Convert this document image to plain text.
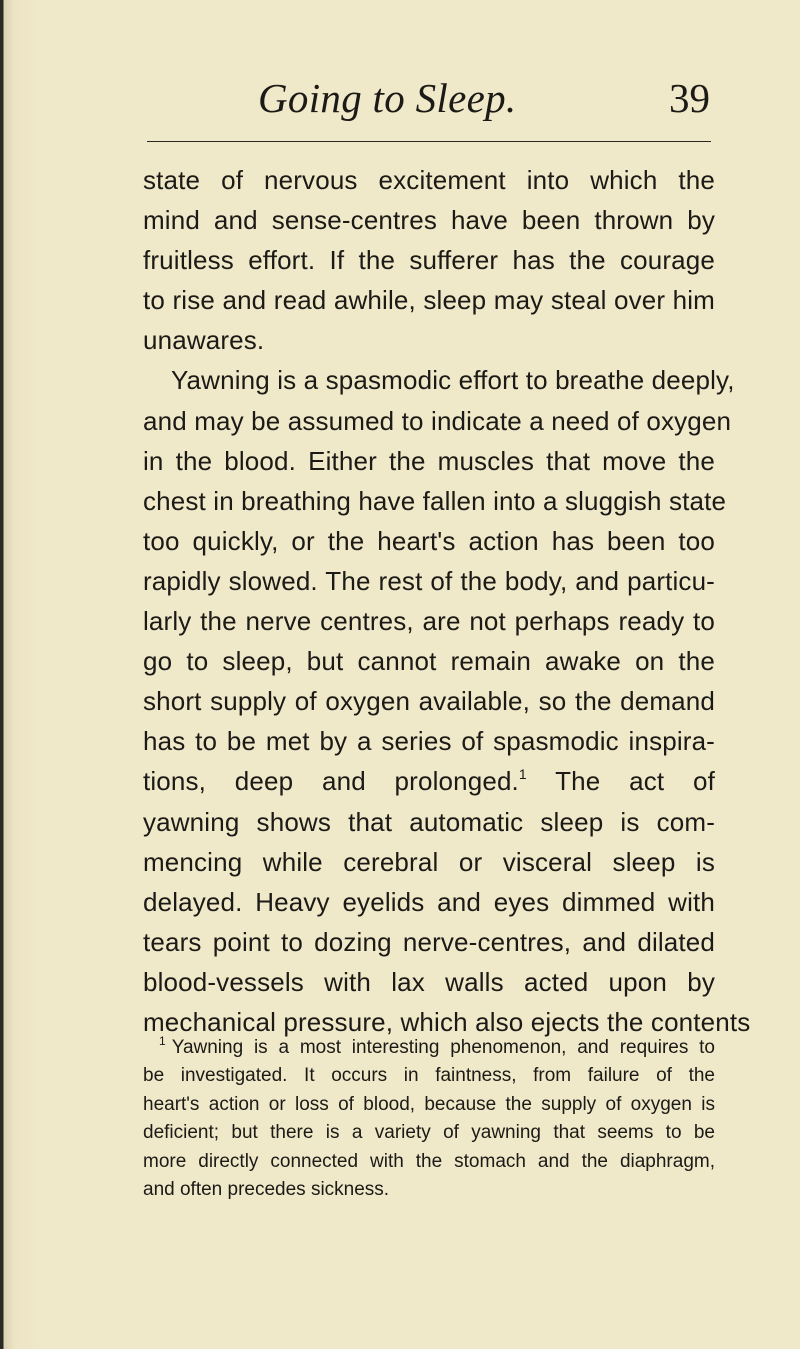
Going to Sleep.	39
state of nervous excitement into which the
mind and sense-centres have been thrown by
fruitless effort. If the sufferer has the courage
to rise and read awhile, sleep may steal over him
unawares.
Yawning is a spasmodic effort to breathe deeply,
and may be assumed to indicate a need of oxygen
in the blood. Either the muscles that move the
chest in breathing have fallen into a sluggish state
too quickly, or the heart's action has been too
rapidly slowed. The rest of the body, and particu-
larly the nerve centres, are not perhaps ready to
go to sleep, but cannot remain awake on the
short supply of oxygen available, so the demand
has to be met by a series of spasmodic inspira-
tions, deep and prolonged.$^1$ The act of
yawning shows that automatic sleep is com-
mencing while cerebral or visceral sleep is
delayed. Heavy eyelids and eyes dimmed with
tears point to dozing nerve-centres, and dilated
blood-vessels with lax walls acted upon by
mechanical pressure, which also ejects the contents
$^1$ Yawning is a most interesting phenomenon, and requires to
be investigated. It occurs in faintness, from failure of the
heart's action or loss of blood, because the supply of oxygen is
deficient; but there is a variety of yawning that seems to be
more directly connected with the stomach and the diaphragm,
and often precedes sickness.
